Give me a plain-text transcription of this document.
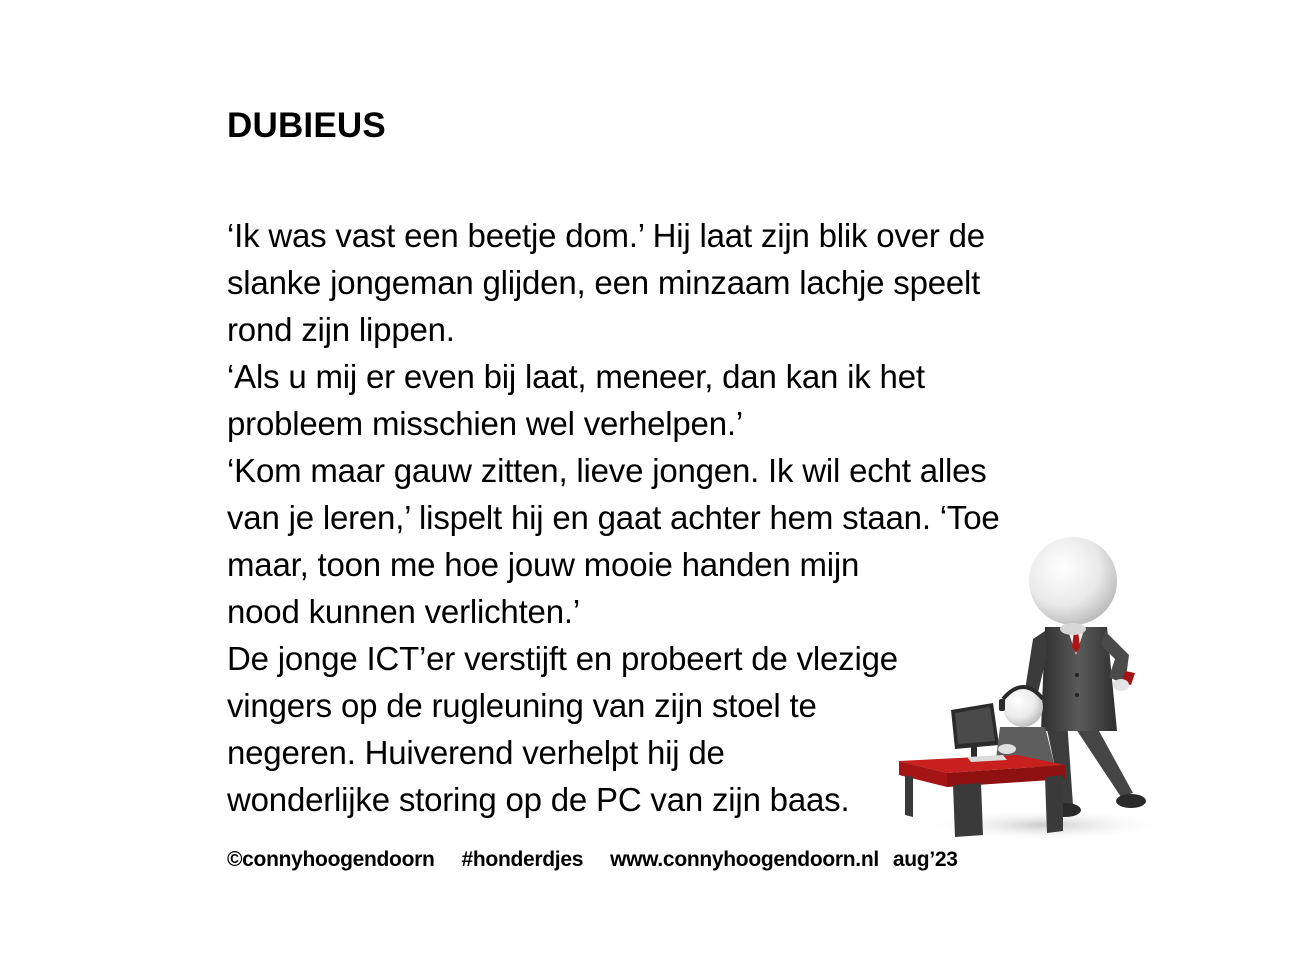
DUBIEUS
‘Ik was vast een beetje dom.’ Hij laat zijn blik over de
slanke jongeman glijden, een minzaam lachje speelt
rond zijn lippen.
‘Als u mij er even bij laat, meneer, dan kan ik het
probleem misschien wel verhelpen.’
‘Kom maar gauw zitten, lieve jongen. Ik wil echt alles
van je leren,’ lispelt hij en gaat achter hem staan. ‘Toe
maar, toon me hoe jouw mooie handen mijn
nood kunnen verlichten.’
De jonge ICT’er verstijft en probeert de vlezige
vingers op de rugleuning van zijn stoel te
negeren. Huiverend verhelpt hij de
wonderlijke storing op de PC van zijn baas.
©connyhoogendoorn #honderdjes www.connyhoogendoorn.nl aug’23
